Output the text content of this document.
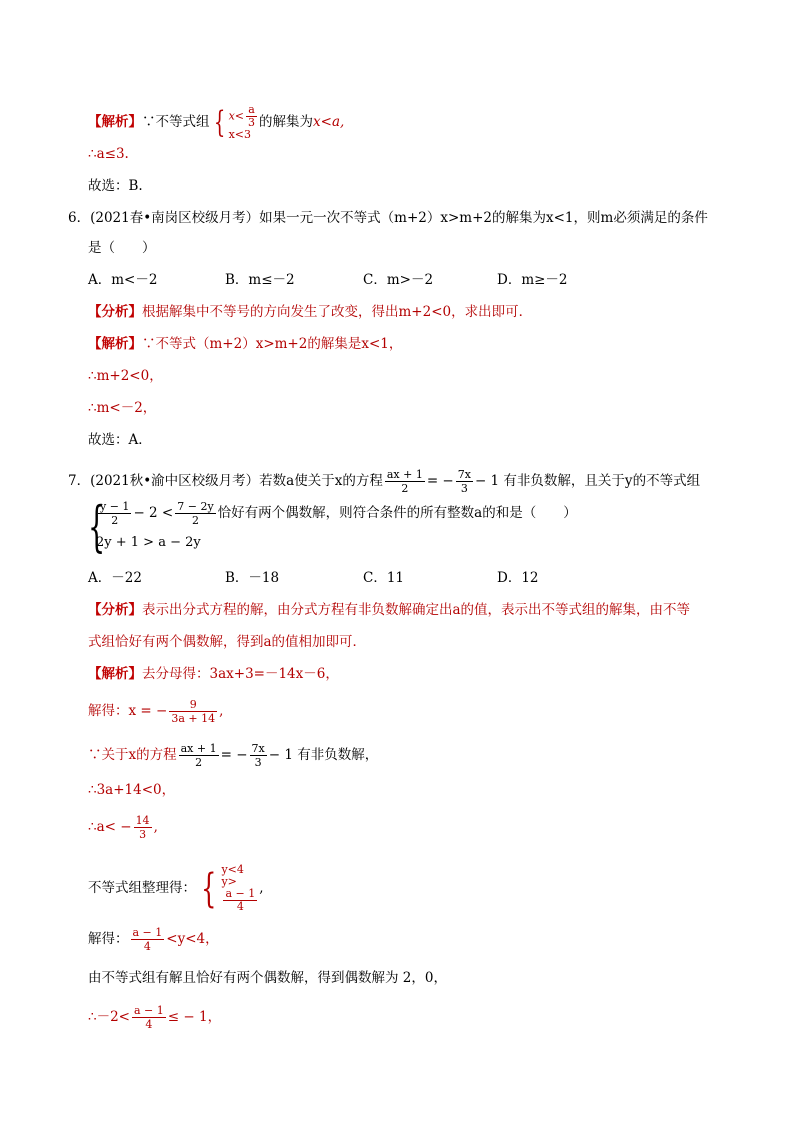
【解析】∵不等式组 { $x< \frac{a}{3}$
x<3
的解集为x<a,
∴a≤3.
故选：B.
6．(2021春•南岗区校级月考）如果一元一次不等式（m+2）x>m+2的解集为x<1，则m必须满足的条件
是（　　）
A．m<－2	B．m≤－2	C．m>－2	D．m≥－2
【分析】根据解集中不等号的方向发生了改变，得出m+2<0，求出即可．
【解析】∵不等式（m+2）x>m+2的解集是x<1，
∴m+2<0，
∴m<－2，
故选：A．
7．(2021秋•渝中区校级月考）若数a使关于x的方程 $\frac{ax + 1}{2}$ = − $\frac{7x}{3} - 1$ 有非负数解，且关于y的不等式组
{
$\frac{y - 1}{2} - 2 < \frac{7 - 2y}{2}$ 恰好有两个偶数解，则符合条件的所有整数a的和是（　　）
2y + 1 > a − 2y
A．－22	B．－18	C．11	D．12
【分析】表示出分式方程的解，由分式方程有非负数解确定出a的值，表示出不等式组的解集，由不等
式组恰好有两个偶数解，得到a的值相加即可．
【解析】去分母得：3ax+3=－14x－6，
解得：x = − $\frac{9}{3a + 14}$ ,
∵关于x的方程 $\frac{ax + 1}{2}$ = − $\frac{7x}{3} - 1$ 有非负数解，
∴3a+14<0，
∴a< − $\frac{14}{3}$ ,
不等式组整理得： { y<4
y>
a − 1
4
,
解得： $\frac{a - 1}{4} <y<4$，
由不等式组有解且恰好有两个偶数解，得到偶数解为 2，0，
∴－2< $\frac{a - 1}{4}$ ≤ − 1，
